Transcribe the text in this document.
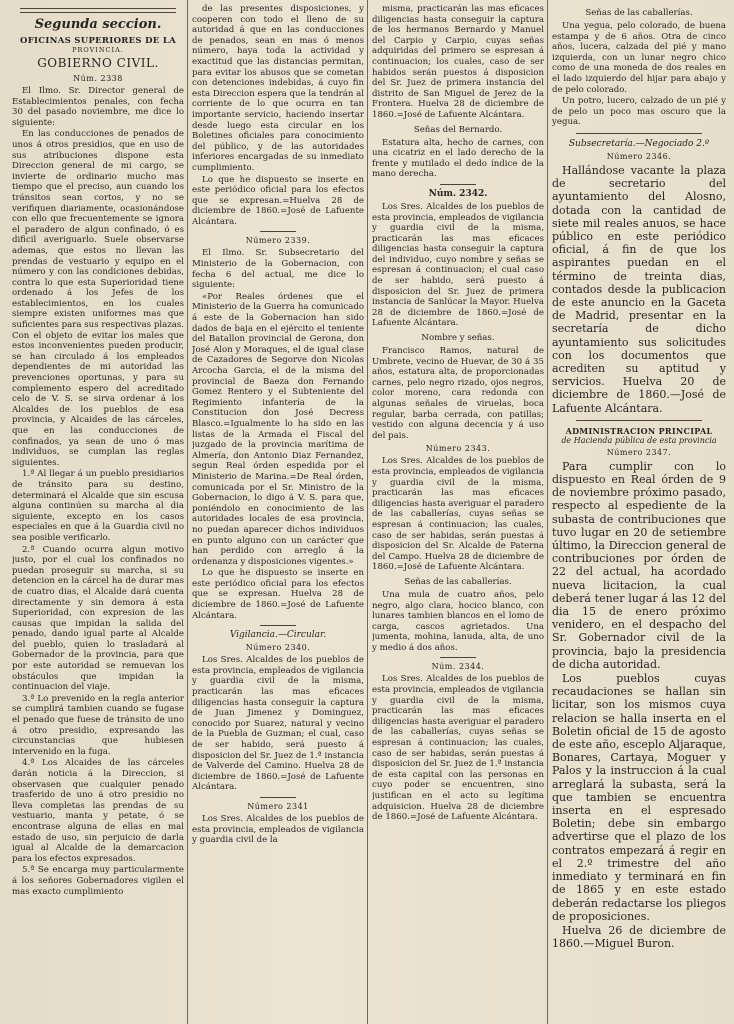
Segunda seccion.
OFICINAS SUPERIORES DE LA
PROVINCIA.
GOBIERNO CIVIL.
Núm. 2338

El Ilmo. Sr. Director general de Establecimientos penales, con fecha 30 del pasado noviembre, me dice lo siguiente:

En las conducciones de penados de unos á otros presidios, que en uso de sus atribuciones dispone esta Direccion general de mi cargo, se invierte de ordinario mucho mas tiempo que el preciso, aun cuando los tránsitos sean cortos, y no se verifiquen diariamente, ocasionándose con ello que frecuentemente se ignora el paradero de algun confinado, ó es dificil averiguarlo. Suele observarse ademas, que estos no llevan las prendas de vestuario y equipo en el número y con las condiciones debidas, contra lo que esta Superioridad tiene ordenado á los Jefes de los establecimientos, en los cuales siempre existen uniformes mas que suficientes para sus respectivas plazas. Con el objeto de evitar los males que estos inconvenientes pueden producir, se han circulado á los empleados dependientes de mi autoridad las prevenciones oportunas, y para su complemento espero del acreditado celo de V. S. se sirva ordenar á los Alcaldes de los pueblos de esa provincia, y Alcaides de las cárceles, que en las conducciones de confinados, ya sean de uno ó mas individuos, se cumplan las reglas siguientes.

1.ª Al llegar á un pueblo presidiarios de tránsito para su destino, determinará el Alcalde que sin escusa alguna continúen su marcha al dia siguiente, excepto en los casos especiales en que á la Guardia civil no sea posible verificarlo.

2.ª Cuando ocurra algun motivo justo, por el cual los confinados no puedan proseguir su marcha, si su detencion en la cárcel ha de durar mas de cuatro dias, el Alcalde dará cuenta directamente y sin demora á esta Superioridad, con expresion de las causas que impidan la salida del penado, dando igual parte al Alcalde del pueblo, quien lo trasladará al Gobernador de la provincia, para que por este autoridad se remuevan los obstáculos que impidan la continuacion del viaje.

3.ª Lo prevenido en la regla anterior se cumplirá tambien cuando se fugase el penado que fuese de tránsito de uno á otro presidio, expresando las circunstancias que hubiesen intervenido en la fuga.

4.ª Los Alcaides de las cárceles darán noticia á la Direccion, si observasen que cualquier penado trasferido de uno á otro presidio no lleva completas las prendas de su vestuario, manta y petate, ó se encontrase alguna de ellas en mal estado de uso, sin perjuicio de darla igual al Alcalde de la demarcacion para los efectos expresados.

5.ª Se encarga muy particularmente á los señores Gobernadores vigilen el mas exacto cumplimiento

de las presentes disposiciones, y cooperen con todo el lleno de su autoridad á que en las conducciones de penados, sean en mas ó menos número, haya toda la actividad y exactitud que las distancias permitan, para evitar los abusos que se cometan con detenciones indebidas, á cuyo fin esta Direccion espera que la tendrán al corriente de lo que ocurra en tan importante servicio, haciendo insertar desde luego esta circular en los Boletines oficiales para conocimiento del público, y de las autoridades inferiores encargadas de su inmediato cumplimiento.

Lo que he dispuesto se inserte en este periódico oficial para los efectos que se expresan.=Huelva 28 de diciembre de 1860.=José de Lafuente Alcántara.

Número 2339.

El Ilmo. Sr. Subsecretario del Ministerio de la Gobernacion, con fecha 6 del actual, me dice lo siguiente:

«Por Reales órdenes que el Ministerio de la Guerra ha comunicado á este de la Gobernacion han sido dados de baja en el ejército el teniente del Batallon provincial de Gerona, don José Alon y Moraques, el de igual clase de Cazadores de Segorve don Nicolas Arcocha Garcia, el de la misma del provincial de Baeza don Fernando Gomez Rentero y el Subteniente del Regimiento infantería de la Constitucion don José Decress Blasco.=Igualmente lo ha sido en las listas de la Armada el Fiscal del juzgado de la provincia marítima de Almería, don Antonio Diaz Fernandez, segun Real órden espedida por el Ministerio de Marina.=De Real órden, comunicada por el Sr. Ministro de la Gobernacion, lo digo á V. S. para que, poniéndolo en conocimiento de las autoridades locales de esa provincia, no puedan aparecer dichos individuos en punto alguno con un carácter que han perdido con arreglo á la ordenanza y disposiciones vigentes.»

Lo que he dispuesto se inserte en este periódico oficial para los efectos que se expresan. Huelva 28 de diciembre de 1860.=José de Lafuente Alcántara.

Vigilancia.—Circular.
Número 2340.

Los Sres. Alcaldes de los pueblos de esta provincia, empleados de vigilancia y guardia civil de la misma, practicarán las mas eficaces diligencias hasta conseguir la captura de Juan Jimenez y Dominguez, conocido por Suarez, natural y vecino de la Puebla de Guzman; el cual, caso de ser habido, será puesto á disposicion del Sr. Juez de 1.ª instancia de Valverde del Camino. Huelva 28 de diciembre de 1860.=José de Lafuente Alcántara.

Número 2341

Los Sres. Alcaldes de los pueblos de esta provincia, empleados de vigilancia y guardia civil de la

misma, practicarán las mas eficaces diligencias hasta conseguir la captura de los hermanos Bernardo y Manuel del Carpio y Carpio, cuyas señas adquiridas del primero se espresan á continuacion; los cuales, caso de ser habidos serán puestos á disposicion del Sr. Juez de primera instancia del distrito de San Miguel de Jerez de la Frontera. Huelva 28 de diciembre de 1860.=José de Lafuente Alcántara.

Señas del Bernardo.

Estatura alta, hecho de carnes, con una cicatriz en el lado derecho de la frente y mutilado el dedo índice de la mano derecha.

Núm. 2342.

Los Sres. Alcaldes de los pueblos de esta provincia, empleados de vigilancia y guardia civil de la misma, practicarán las mas eficaces diligencias hasta conseguir la captura del individuo, cuyo nombre y señas se espresan á continuacion; el cual caso de ser habido, será puesto á disposicion del Sr. Juez de primera instancia de Sanlúcar la Mayor. Huelva 28 de diciembre de 1860.=José de Lafuente Alcántara.

Nombre y señas.

Francisco Ramos, natural de Umbrete, vecino de Huevar, de 30 á 35 años, estatura alta, de proporcionadas carnes, pelo negro rizado, ojos negros, color moreno, cara redonda con algunas señales de viruelas, boca regular, barba cerrada, con patillas; vestido con alguna decencia y á uso del pais.

Número 2343.

Los Sres. Alcaldes de los pueblos de esta provincia, empleados de vigilancia y guardia civil de la misma, practicarán las mas eficaces diligencias hasta averiguar el paradero de las caballerías, cuyas señas se espresan á continuacion; las cuales, caso de ser habidas, serán puestas á disposicion del Sr. Alcalde de Paterna del Campo. Huelva 28 de diciembre de 1860.=José de Lafuente Alcántara.

Señas de las caballerías.

Una mula de cuatro años, pelo negro, algo clara, hocico blanco, con lunares tambien blancos en el lomo de carga, cascos agrietados. Una jumenta, mohina, lanuda, alta, de uno y medio á dos años.

Núm. 2344.

Los Sres. Alcaldes de los pueblos de esta provincia, empleados de vigilancia y guardia civil de la misma, practicarán las mas eficaces diligencias hasta averiguar el paradero de las caballerías, cuyas señas se espresan á continuacion; las cuales, caso de ser habidas, serán puestas á disposicion del Sr. Juez de 1.ª instancia de esta capital con las personas en cuyo poder se encuentren, sino justifican en el acto su legítima adquisicion. Huelva 28 de diciembre de 1860.=José de Lafuente Alcántara.

Señas de las caballerías.

Una yegua, pelo colorado, de buena estampa y de 6 años. Otra de cinco años, lucera, calzada del pié y mano izquierda, con un lunar negro chico como de una moneda de dos reales en el lado izquierdo del hijar para abajo y de pelo colorado.

Un potro, lucero, calzado de un pié y de pelo un poco mas oscuro que la yegua.

Subsecretaría.—Negociado 2.º
Número 2346.

Hallándose vacante la plaza de secretario del ayuntamiento del Alosno, dotada con la cantidad de siete mil reales anuos, se hace público en este periódico oficial, á fin de que los aspirantes puedan en el término de treinta dias, contados desde la publicacion de este anuncio en la Gaceta de Madrid, presentar en la secretaría de dicho ayuntamiento sus solicitudes con los documentos que acrediten su aptitud y servicios. Huelva 20 de diciembre de 1860.—José de Lafuente Alcántara.

ADMINISTRACION PRINCIPAL
de Hacienda pública de esta provincia
Número 2347.

Para cumplir con lo dispuesto en Real órden de 9 de noviembre próximo pasado, respecto al espediente de la subasta de contribuciones que tuvo lugar en 20 de setiembre último, la Direccion general de contribuciones por órden de 22 del actual, ha acordado nueva licitacion, la cual deberá tener lugar á las 12 del dia 15 de enero próximo venidero, en el despacho del Sr. Gobernador civil de la provincia, bajo la presidencia de dicha autoridad.

Los pueblos cuyas recaudaciones se hallan sin licitar, son los mismos cuya relacion se halla inserta en el Boletin oficial de 15 de agosto de este año, esceplo Aljaraque, Bonares, Cartaya, Moguer y Palos y la instruccion á la cual arreglará la subasta, será la que tambien se encuentra inserta en el espresado Boletin; debe sin embargo advertirse que el plazo de los contratos empezará á regir en el 2.º trimestre del año inmediato y terminará en fin de 1865 y en este estado deberán redactarse los pliegos de proposiciones.

Huelva 26 de diciembre de 1860.—Miguel Buron.
